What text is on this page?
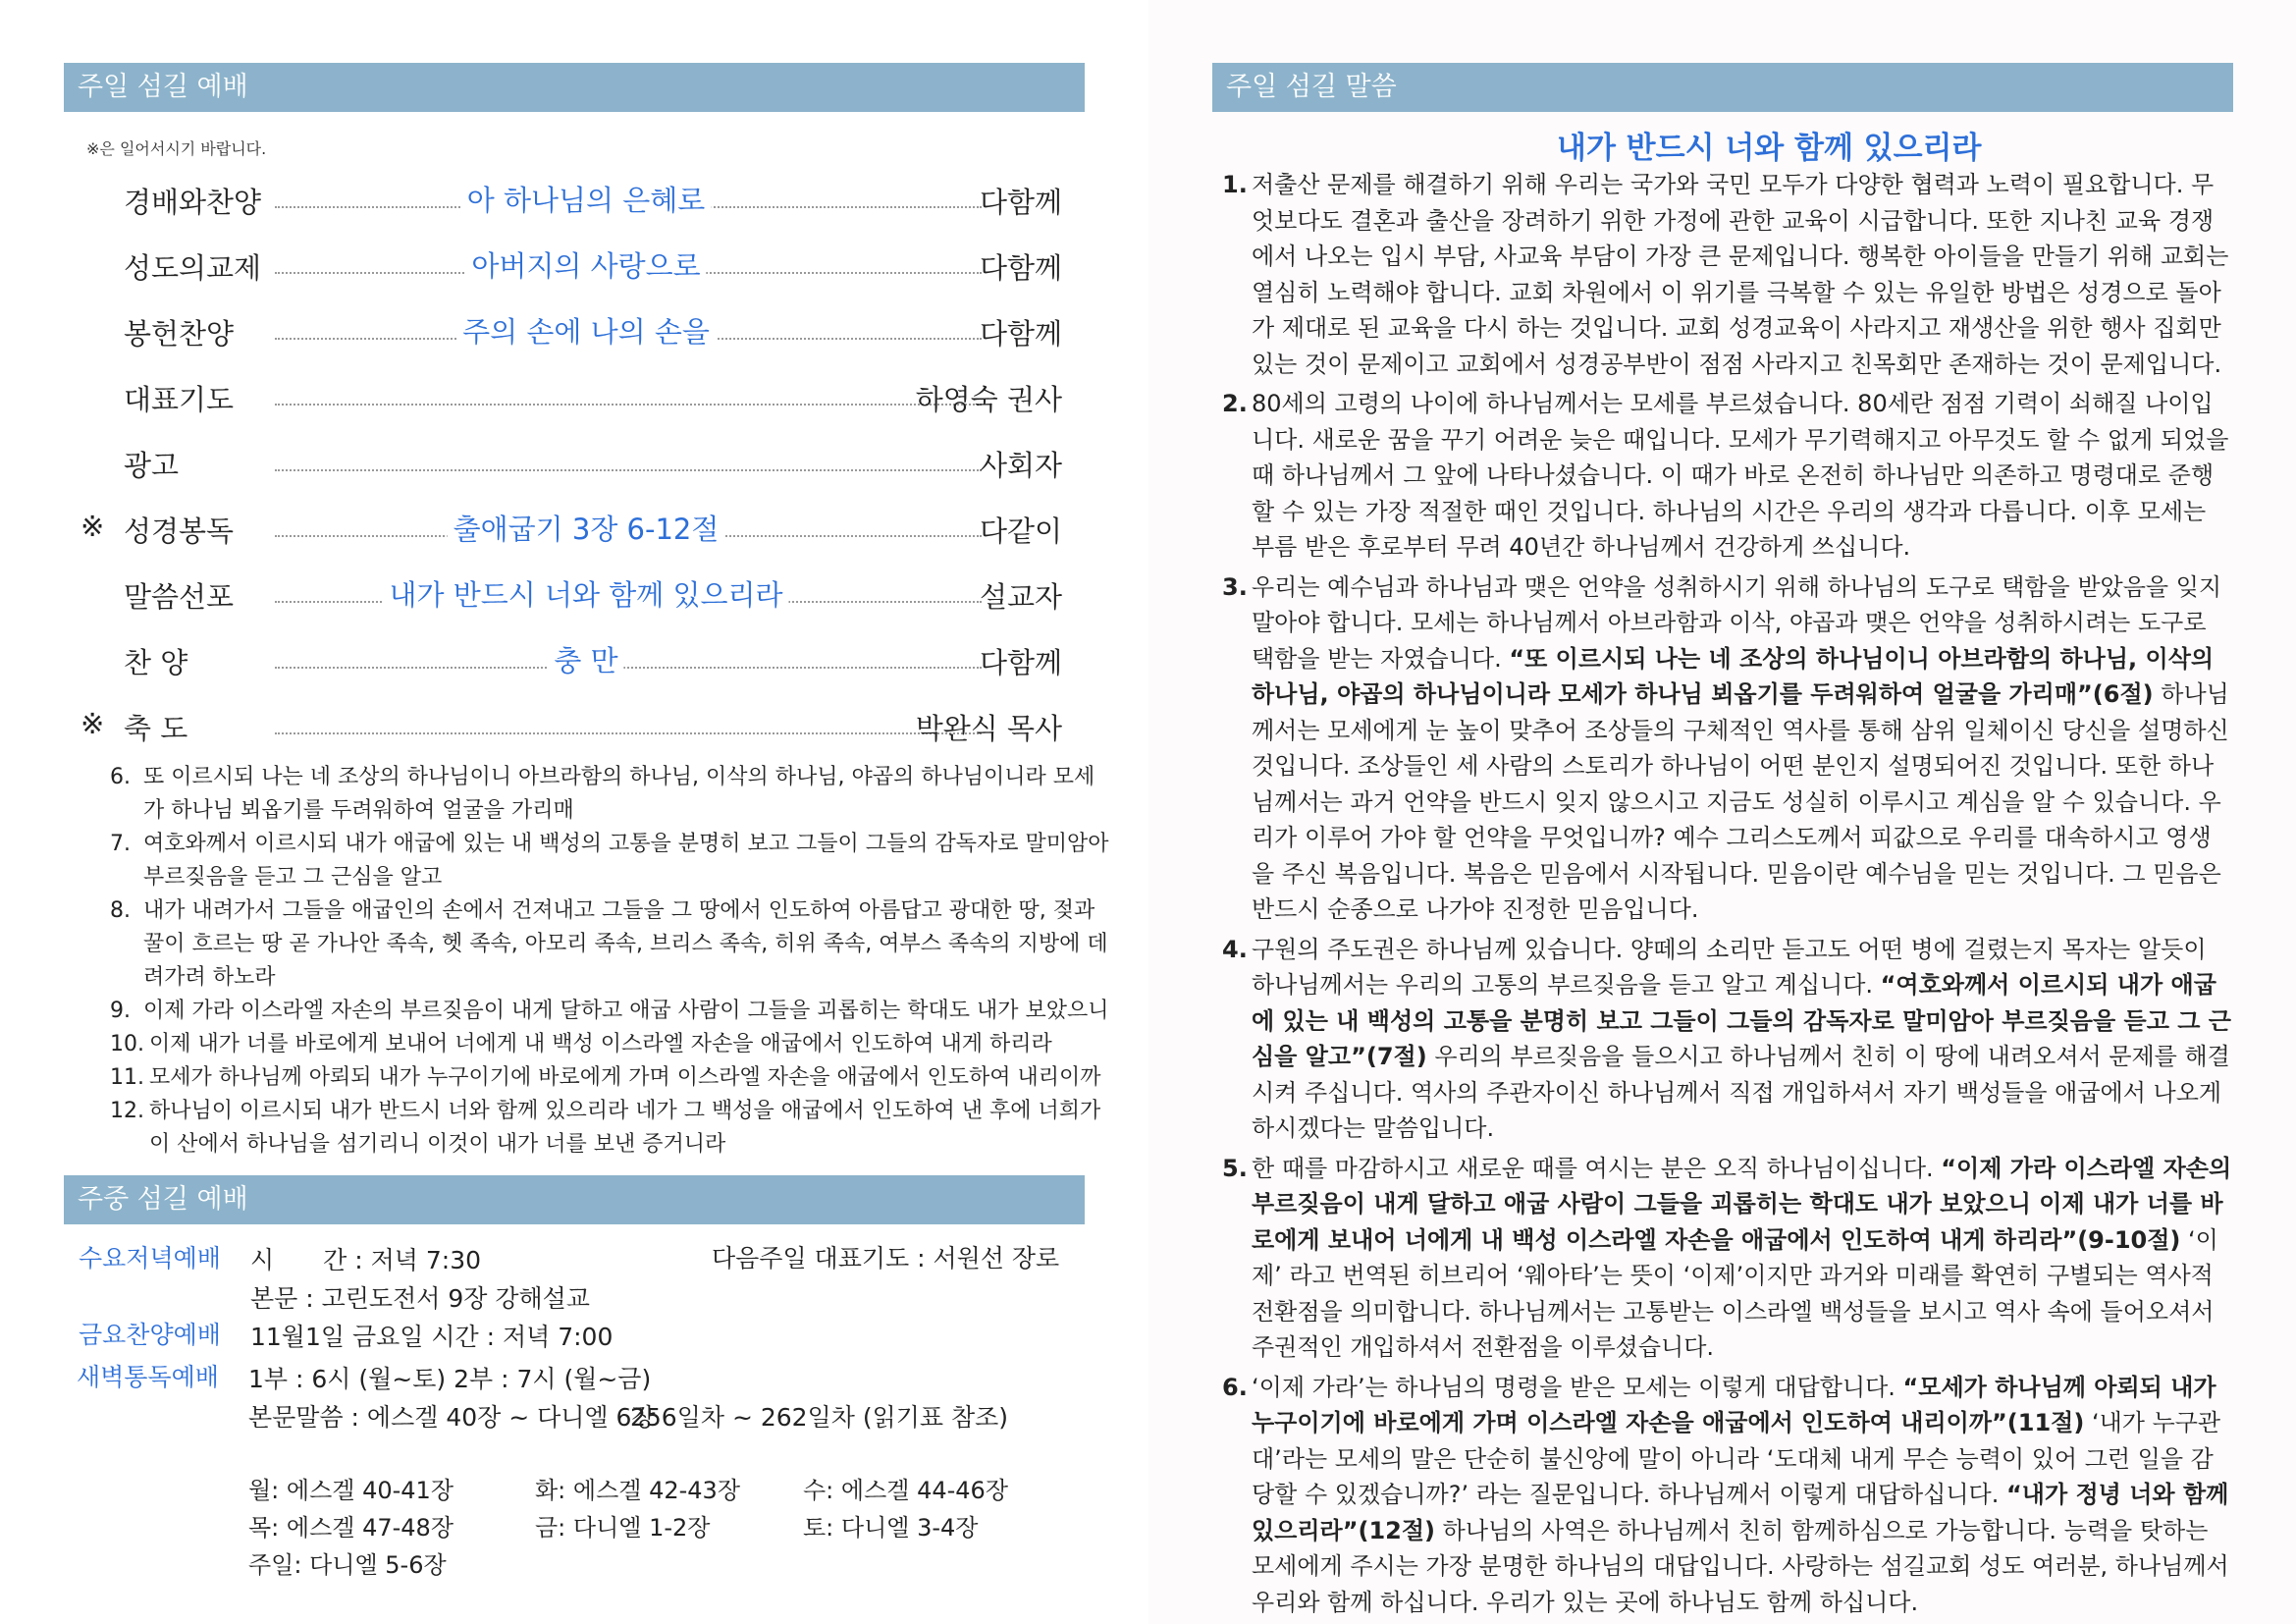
주일 섬길 예배
※은 일어서시기 바랍니다.
경배와찬양	아 하나님의 은혜로	다함께
성도의교제	아버지의 사랑으로	다함께
봉헌찬양	주의 손에 나의 손을	다함께
대표기도	하영숙 권사
광고	사회자
※ 성경봉독	출애굽기 3장 6-12절	다같이
말씀선포	내가 반드시 너와 함께 있으리라	설교자
찬 양	충 만	다함께
※ 축 도	박완식 목사
6. 또 이르시되 나는 네 조상의 하나님이니 아브라함의 하나님, 이삭의 하나님, 야곱의 하나님이니라 모세가 하나님 뵈옵기를 두려워하여 얼굴을 가리매
7. 여호와께서 이르시되 내가 애굽에 있는 내 백성의 고통을 분명히 보고 그들이 그들의 감독자로 말미암아 부르짖음을 듣고 그 근심을 알고
8. 내가 내려가서 그들을 애굽인의 손에서 건져내고 그들을 그 땅에서 인도하여 아름답고 광대한 땅, 젖과 꿀이 흐르는 땅 곧 가나안 족속, 헷 족속, 아모리 족속, 브리스 족속, 히위 족속, 여부스 족속의 지방에 데려가려 하노라
9. 이제 가라 이스라엘 자손의 부르짖음이 내게 달하고 애굽 사람이 그들을 괴롭히는 학대도 내가 보았으니
10. 이제 내가 너를 바로에게 보내어 너에게 내 백성 이스라엘 자손을 애굽에서 인도하여 내게 하리라
11. 모세가 하나님께 아뢰되 내가 누구이기에 바로에게 가며 이스라엘 자손을 애굽에서 인도하여 내리이까
12. 하나님이 이르시되 내가 반드시 너와 함께 있으리라 네가 그 백성을 애굽에서 인도하여 낸 후에 너희가 이 산에서 하나님을 섬기리니 이것이 내가 너를 보낸 증거니라
주중 섬길 예배
수요저녁예배 시　　간 : 저녁 7:30	다음주일 대표기도 : 서원선 장로
본문 : 고린도전서 9장 강해설교
금요찬양예배 11월1일 금요일 시간 : 저녁 7:00
새벽통독예배 1부 : 6시 (월~토) 2부 : 7시 (월~금)
본문말씀 : 에스겔 40장 ~ 다니엘 6장
256일차 ~ 262일차 (읽기표 참조)
월: 에스겔 40-41장	화: 에스겔 42-43장	수: 에스겔 44-46장
목: 에스겔 47-48장	금: 다니엘 1-2장	토: 다니엘 3-4장
주일: 다니엘 5-6장
주일 섬길 말씀
내가 반드시 너와 함께 있으리라
1. 저출산 문제를 해결하기 위해 우리는 국가와 국민 모두가 다양한 협력과 노력이 필요합니다. 무엇보다도 결혼과 출산을 장려하기 위한 가정에 관한 교육이 시급합니다. 또한 지나친 교육 경쟁에서 나오는 입시 부담, 사교육 부담이 가장 큰 문제입니다. 행복한 아이들을 만들기 위해 교회는 열심히 노력해야 합니다. 교회 차원에서 이 위기를 극복할 수 있는 유일한 방법은 성경으로 돌아가 제대로 된 교육을 다시 하는 것입니다. 교회 성경교육이 사라지고 재생산을 위한 행사 집회만 있는 것이 문제이고 교회에서 성경공부반이 점점 사라지고 친목회만 존재하는 것이 문제입니다.
2. 80세의 고령의 나이에 하나님께서는 모세를 부르셨습니다. 80세란 점점 기력이 쇠해질 나이입니다. 새로운 꿈을 꾸기 어려운 늦은 때입니다. 모세가 무기력해지고 아무것도 할 수 없게 되었을 때 하나님께서 그 앞에 나타나셨습니다. 이 때가 바로 온전히 하나님만 의존하고 명령대로 준행할 수 있는 가장 적절한 때인 것입니다. 하나님의 시간은 우리의 생각과 다릅니다. 이후 모세는 부름 받은 후로부터 무려 40년간 하나님께서 건강하게 쓰십니다.
3. 우리는 예수님과 하나님과 맺은 언약을 성취하시기 위해 하나님의 도구로 택함을 받았음을 잊지 말아야 합니다. 모세는 하나님께서 아브라함과 이삭, 야곱과 맺은 언약을 성취하시려는 도구로 택함을 받는 자였습니다. “또 이르시되 나는 네 조상의 하나님이니 아브라함의 하나님, 이삭의 하나님, 야곱의 하나님이니라 모세가 하나님 뵈옵기를 두려워하여 얼굴을 가리매”(6절) 하나님께서는 모세에게 눈 높이 맞추어 조상들의 구체적인 역사를 통해 삼위 일체이신 당신을 설명하신 것입니다. 조상들인 세 사람의 스토리가 하나님이 어떤 분인지 설명되어진 것입니다. 또한 하나님께서는 과거 언약을 반드시 잊지 않으시고 지금도 성실히 이루시고 계심을 알 수 있습니다. 우리가 이루어 가야 할 언약을 무엇입니까? 예수 그리스도께서 피값으로 우리를 대속하시고 영생을 주신 복음입니다. 복음은 믿음에서 시작됩니다. 믿음이란 예수님을 믿는 것입니다. 그 믿음은 반드시 순종으로 나가야 진정한 믿음입니다.
4. 구원의 주도권은 하나님께 있습니다. 양떼의 소리만 듣고도 어떤 병에 걸렸는지 목자는 알듯이 하나님께서는 우리의 고통의 부르짖음을 듣고 알고 계십니다. “여호와께서 이르시되 내가 애굽에 있는 내 백성의 고통을 분명히 보고 그들이 그들의 감독자로 말미암아 부르짖음을 듣고 그 근심을 알고”(7절) 우리의 부르짖음을 들으시고 하나님께서 친히 이 땅에 내려오셔서 문제를 해결시켜 주십니다. 역사의 주관자이신 하나님께서 직접 개입하셔서 자기 백성들을 애굽에서 나오게 하시겠다는 말씀입니다.
5. 한 때를 마감하시고 새로운 때를 여시는 분은 오직 하나님이십니다. “이제 가라 이스라엘 자손의 부르짖음이 내게 달하고 애굽 사람이 그들을 괴롭히는 학대도 내가 보았으니 이제 내가 너를 바로에게 보내어 너에게 내 백성 이스라엘 자손을 애굽에서 인도하여 내게 하리라”(9-10절) ‘이제’ 라고 번역된 히브리어 ‘웨아타’는 뜻이 ‘이제’이지만 과거와 미래를 확연히 구별되는 역사적 전환점을 의미합니다. 하나님께서는 고통받는 이스라엘 백성들을 보시고 역사 속에 들어오셔서 주권적인 개입하셔서 전환점을 이루셨습니다.
6. ‘이제 가라’는 하나님의 명령을 받은 모세는 이렇게 대답합니다. “모세가 하나님께 아뢰되 내가 누구이기에 바로에게 가며 이스라엘 자손을 애굽에서 인도하여 내리이까”(11절) ‘내가 누구관대’라는 모세의 말은 단순히 불신앙에 말이 아니라 ‘도대체 내게 무슨 능력이 있어 그런 일을 감당할 수 있겠습니까?’ 라는 질문입니다. 하나님께서 이렇게 대답하십니다. “내가 정녕 너와 함께 있으리라”(12절) 하나님의 사역은 하나님께서 친히 함께하심으로 가능합니다. 능력을 탓하는 모세에게 주시는 가장 분명한 하나님의 대답입니다. 사랑하는 섬길교회 성도 여러분, 하나님께서 우리와 함께 하십니다. 우리가 있는 곳에 하나님도 함께 하십니다.
